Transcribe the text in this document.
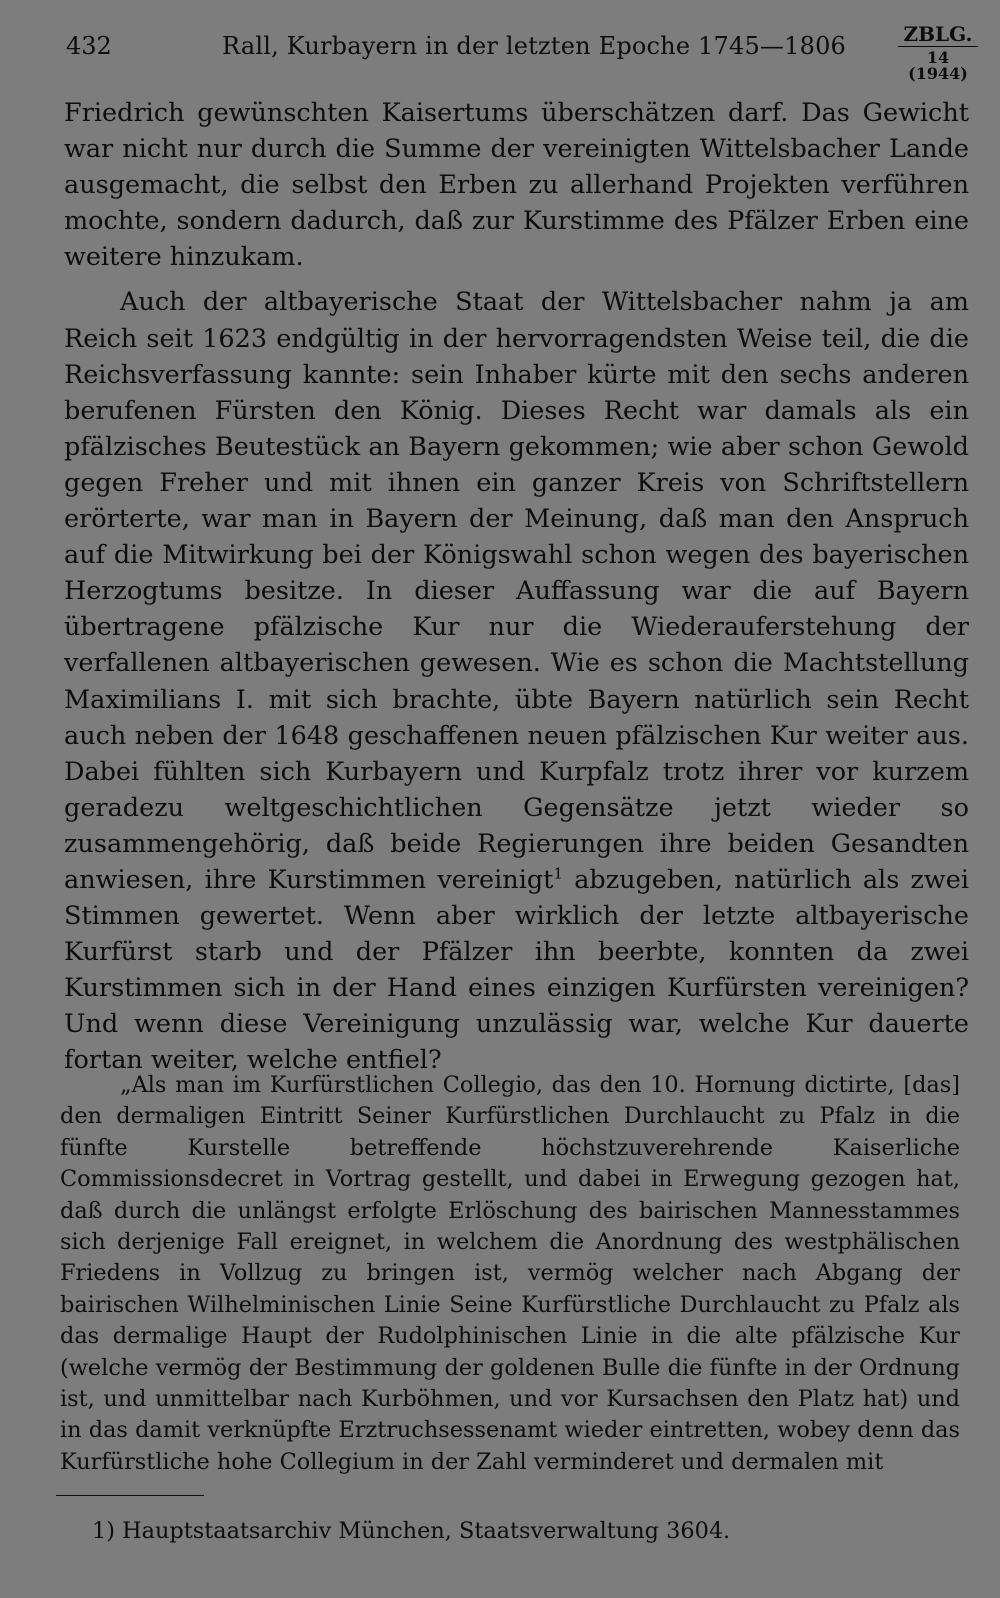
432	Rall, Kurbayern in der letzten Epoche 1745—1806	ZBLG.
14 (1944)

Friedrich gewünschten Kaisertums überschätzen darf. Das Gewicht war nicht nur durch die Summe der vereinigten Wittelsbacher Lande ausgemacht, die selbst den Erben zu allerhand Projekten verführen mochte, sondern dadurch, daß zur Kurstimme des Pfälzer Erben eine weitere hinzukam.

Auch der altbayerische Staat der Wittelsbacher nahm ja am Reich seit 1623 endgültig in der hervorragendsten Weise teil, die die Reichsverfassung kannte: sein Inhaber kürte mit den sechs anderen berufenen Fürsten den König. Dieses Recht war damals als ein pfälzisches Beutestück an Bayern gekommen; wie aber schon Gewold gegen Freher und mit ihnen ein ganzer Kreis von Schriftstellern erörterte, war man in Bayern der Meinung, daß man den Anspruch auf die Mitwirkung bei der Königswahl schon wegen des bayerischen Herzogtums besitze. In dieser Auffassung war die auf Bayern übertragene pfälzische Kur nur die Wiederauferstehung der verfallenen altbayerischen gewesen. Wie es schon die Machtstellung Maximilians I. mit sich brachte, übte Bayern natürlich sein Recht auch neben der 1648 geschaffenen neuen pfälzischen Kur weiter aus. Dabei fühlten sich Kurbayern und Kurpfalz trotz ihrer vor kurzem geradezu weltgeschichtlichen Gegensätze jetzt wieder so zusammengehörig, daß beide Regierungen ihre beiden Gesandten anwiesen, ihre Kurstimmen vereinigt$^1$ abzugeben, natürlich als zwei Stimmen gewertet. Wenn aber wirklich der letzte altbayerische Kurfürst starb und der Pfälzer ihn beerbte, konnten da zwei Kurstimmen sich in der Hand eines einzigen Kurfürsten vereinigen? Und wenn diese Vereinigung unzulässig war, welche Kur dauerte fortan weiter, welche entfiel?

„Als man im Kurfürstlichen Collegio, das den 10. Hornung dictirte, [das] den dermaligen Eintritt Seiner Kurfürstlichen Durchlaucht zu Pfalz in die fünfte Kurstelle betreffende höchstzuverehrende Kaiserliche Commissionsdecret in Vortrag gestellt, und dabei in Erwegung gezogen hat, daß durch die unlängst erfolgte Erlöschung des bairischen Mannesstammes sich derjenige Fall ereignet, in welchem die Anordnung des westphälischen Friedens in Vollzug zu bringen ist, vermög welcher nach Abgang der bairischen Wilhelminischen Linie Seine Kurfürstliche Durchlaucht zu Pfalz als das dermalige Haupt der Rudolphinischen Linie in die alte pfälzische Kur (welche vermög der Bestimmung der goldenen Bulle die fünfte in der Ordnung ist, und unmittelbar nach Kurböhmen, und vor Kursachsen den Platz hat) und in das damit verknüpfte Erztruchsessenamt wieder eintretten, wobey denn das Kurfürstliche hohe Collegium in der Zahl verminderet und dermalen mit

1) Hauptstaatsarchiv München, Staatsverwaltung 3604.
